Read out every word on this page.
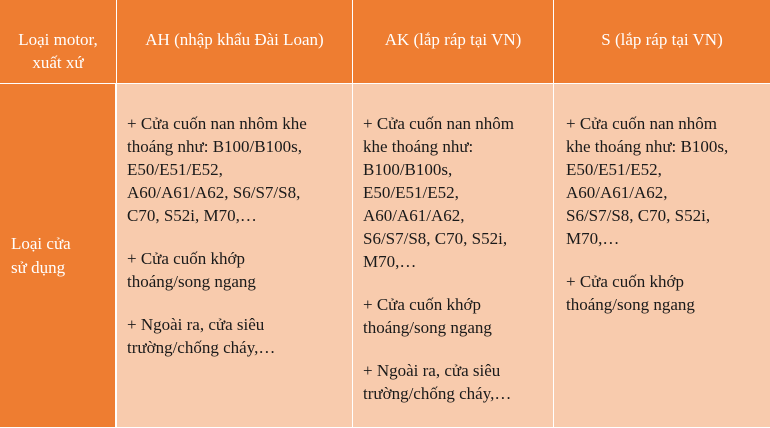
Loại motor,
xuất xứ
AH (nhập khẩu Đài Loan)	AK (lắp ráp tại VN)	S (lắp ráp tại VN)
Loại cửa
sử dụng

+ Cửa cuốn nan nhôm khe
thoáng như: B100/B100s,
E50/E51/E52,
A60/A61/A62, S6/S7/S8,
C70, S52i, M70,…

+ Cửa cuốn khớp
thoáng/song ngang

+ Ngoài ra, cửa siêu
trường/chống cháy,…

+ Cửa cuốn nan nhôm
khe thoáng như:
B100/B100s,
E50/E51/E52,
A60/A61/A62,
S6/S7/S8, C70, S52i,
M70,…

+ Cửa cuốn khớp
thoáng/song ngang

+ Ngoài ra, cửa siêu
trường/chống cháy,…

+ Cửa cuốn nan nhôm
khe thoáng như: B100s,
E50/E51/E52,
A60/A61/A62,
S6/S7/S8, C70, S52i,
M70,…

+ Cửa cuốn khớp
thoáng/song ngang
